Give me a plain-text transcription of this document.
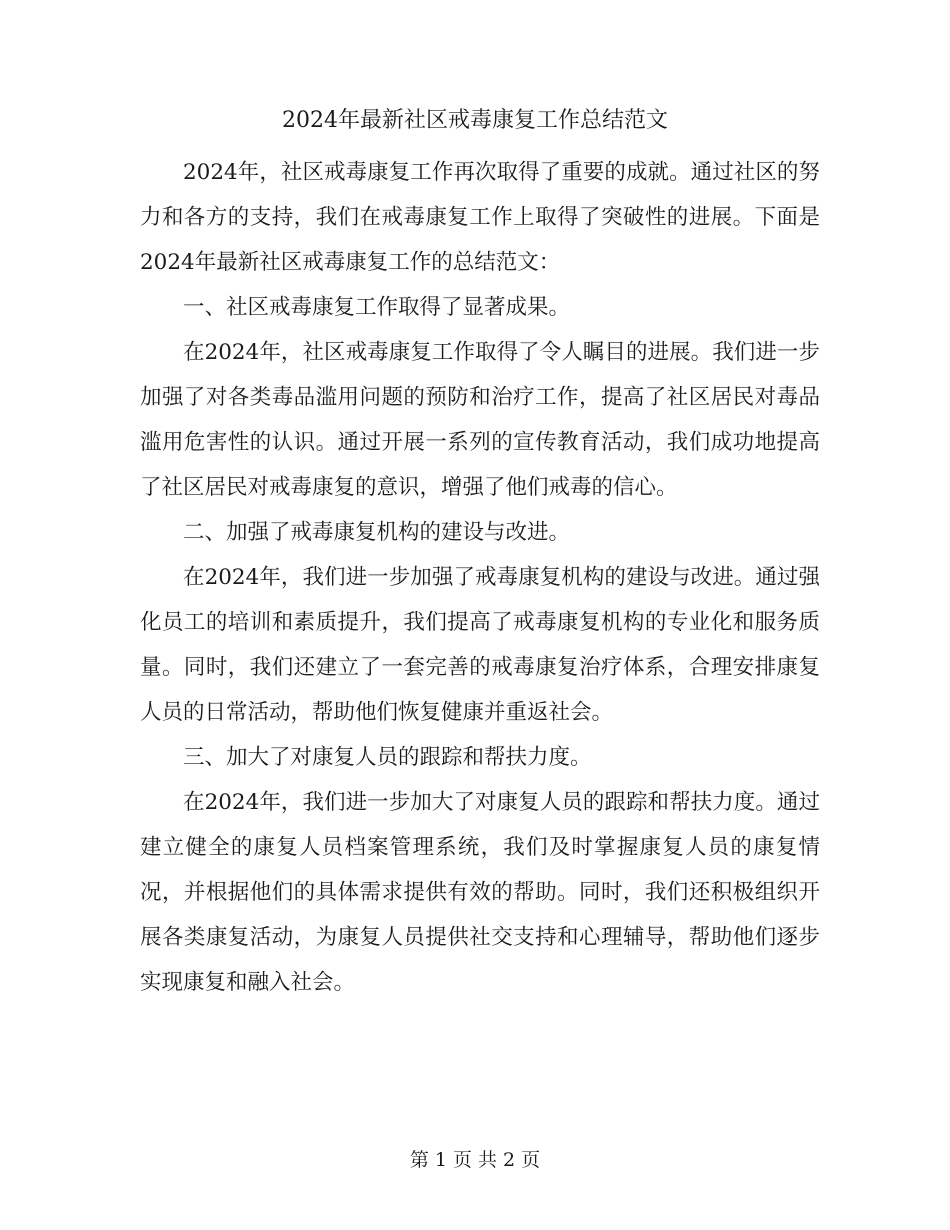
2024年最新社区戒毒康复工作总结范文

2024年，社区戒毒康复工作再次取得了重要的成就。通过社区的努力和各方的支持，我们在戒毒康复工作上取得了突破性的进展。下面是2024年最新社区戒毒康复工作的总结范文：

一、社区戒毒康复工作取得了显著成果。

在2024年，社区戒毒康复工作取得了令人瞩目的进展。我们进一步加强了对各类毒品滥用问题的预防和治疗工作，提高了社区居民对毒品滥用危害性的认识。通过开展一系列的宣传教育活动，我们成功地提高了社区居民对戒毒康复的意识，增强了他们戒毒的信心。

二、加强了戒毒康复机构的建设与改进。

在2024年，我们进一步加强了戒毒康复机构的建设与改进。通过强化员工的培训和素质提升，我们提高了戒毒康复机构的专业化和服务质量。同时，我们还建立了一套完善的戒毒康复治疗体系，合理安排康复人员的日常活动，帮助他们恢复健康并重返社会。

三、加大了对康复人员的跟踪和帮扶力度。

在2024年，我们进一步加大了对康复人员的跟踪和帮扶力度。通过建立健全的康复人员档案管理系统，我们及时掌握康复人员的康复情况，并根据他们的具体需求提供有效的帮助。同时，我们还积极组织开展各类康复活动，为康复人员提供社交支持和心理辅导，帮助他们逐步实现康复和融入社会。

第 1 页 共 2 页
